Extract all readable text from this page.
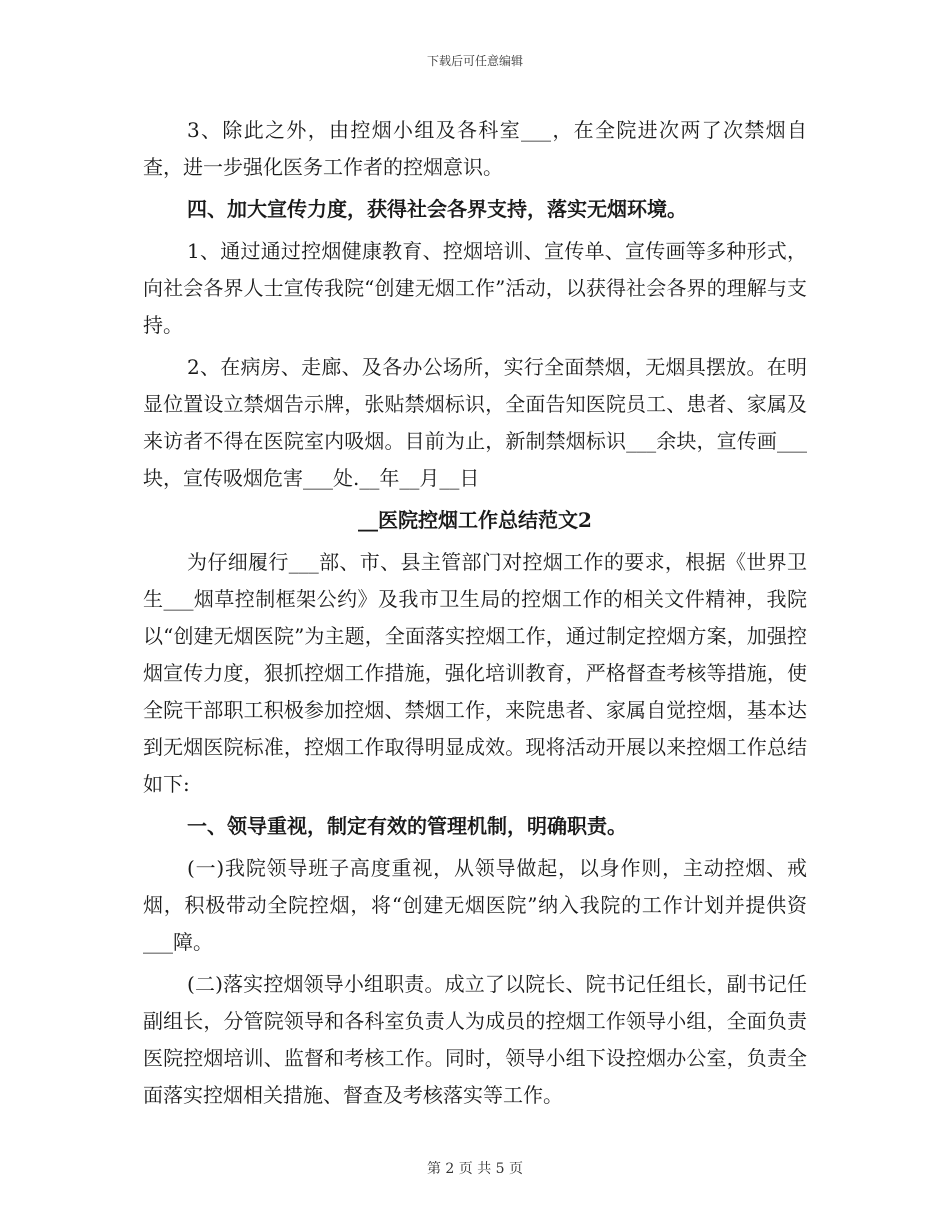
下载后可任意编辑

3、除此之外，由控烟小组及各科室___，在全院进次两了次禁烟自查，进一步强化医务工作者的控烟意识。

四、加大宣传力度，获得社会各界支持，落实无烟环境。

1、通过通过控烟健康教育、控烟培训、宣传单、宣传画等多种形式，向社会各界人士宣传我院“创建无烟工作”活动，以获得社会各界的理解与支持。

2、在病房、走廊、及各办公场所，实行全面禁烟，无烟具摆放。在明显位置设立禁烟告示牌，张贴禁烟标识，全面告知医院员工、患者、家属及来访者不得在医院室内吸烟。目前为止，新制禁烟标识___余块，宣传画___块，宣传吸烟危害___处.__年__月__日

__医院控烟工作总结范文2

为仔细履行___部、市、县主管部门对控烟工作的要求，根据《世界卫生___烟草控制框架公约》及我市卫生局的控烟工作的相关文件精神，我院以“创建无烟医院”为主题，全面落实控烟工作，通过制定控烟方案，加强控烟宣传力度，狠抓控烟工作措施，强化培训教育，严格督查考核等措施，使全院干部职工积极参加控烟、禁烟工作，来院患者、家属自觉控烟，基本达到无烟医院标准，控烟工作取得明显成效。现将活动开展以来控烟工作总结如下:

一、领导重视，制定有效的管理机制，明确职责。

(一)我院领导班子高度重视，从领导做起，以身作则，主动控烟、戒烟，积极带动全院控烟，将“创建无烟医院”纳入我院的工作计划并提供资___障。

(二)落实控烟领导小组职责。成立了以院长、院书记任组长，副书记任副组长，分管院领导和各科室负责人为成员的控烟工作领导小组，全面负责医院控烟培训、监督和考核工作。同时，领导小组下设控烟办公室，负责全面落实控烟相关措施、督查及考核落实等工作。

第 2 页 共 5 页
